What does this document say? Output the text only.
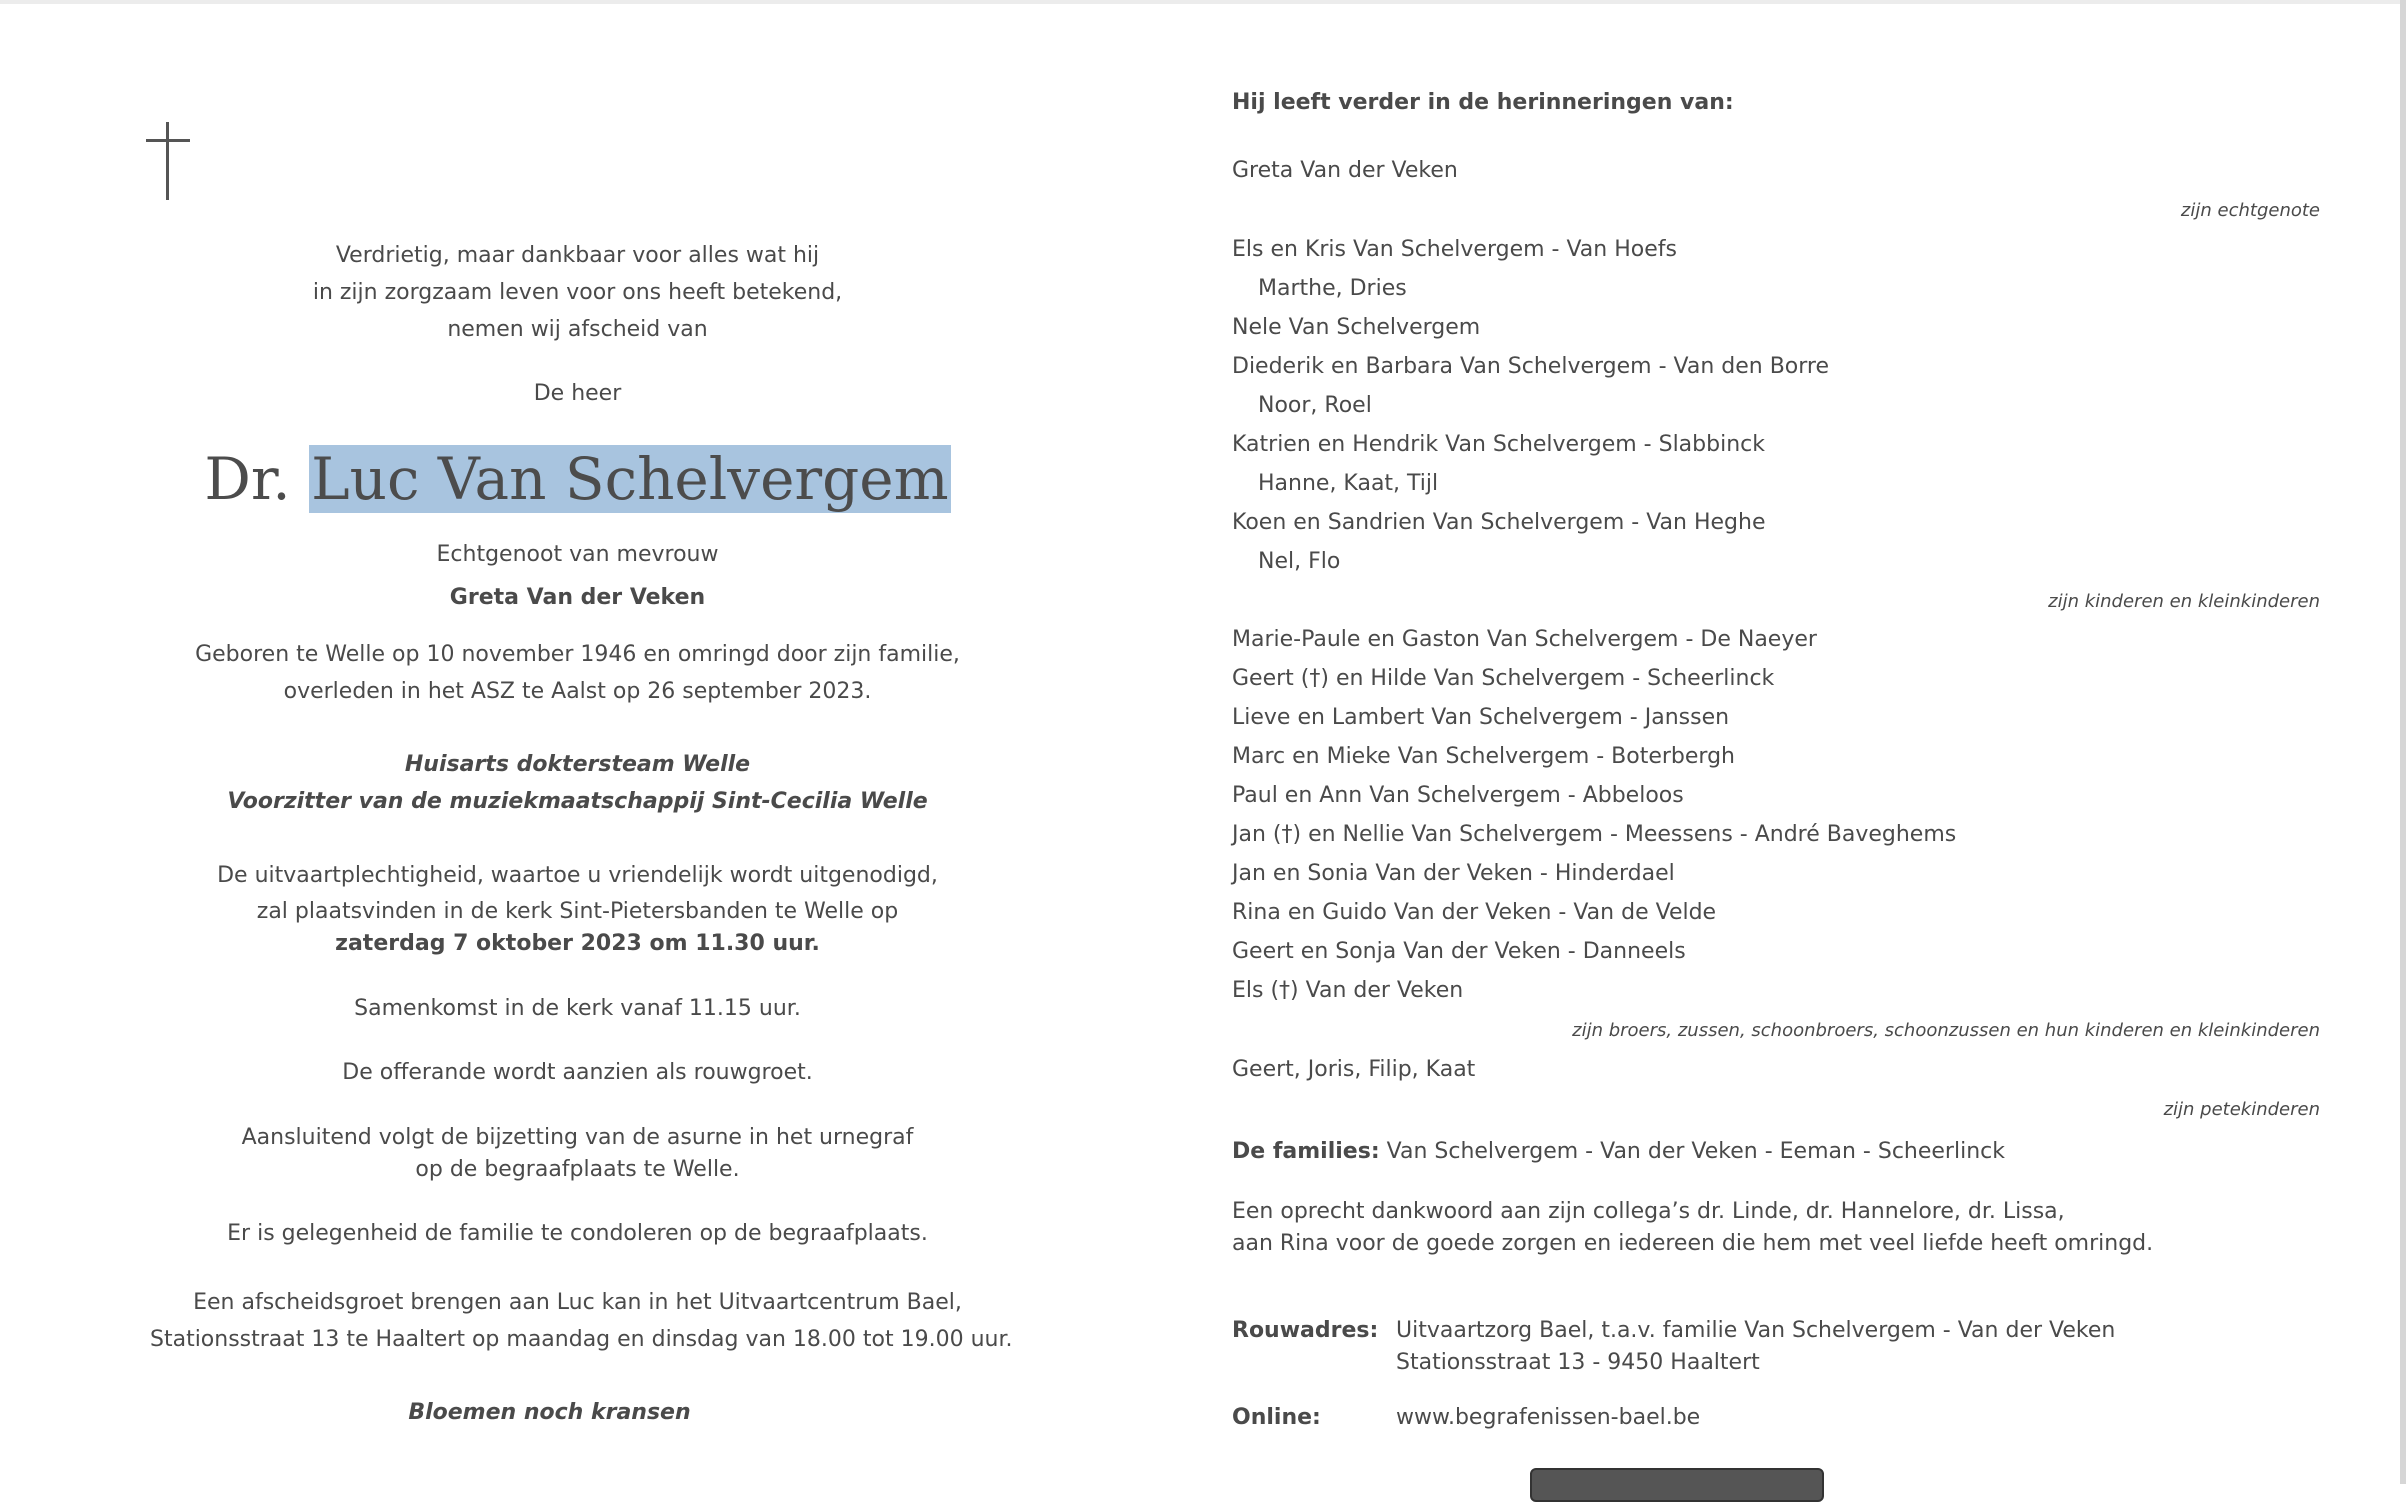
Verdrietig, maar dankbaar voor alles wat hij
in zijn zorgzaam leven voor ons heeft betekend,
nemen wij afscheid van
De heer
Dr. Luc Van Schelvergem
Echtgenoot van mevrouw
Greta Van der Veken
Geboren te Welle op 10 november 1946 en omringd door zijn familie,
overleden in het ASZ te Aalst op 26 september 2023.
Huisarts doktersteam Welle
Voorzitter van de muziekmaatschappij Sint-Cecilia Welle
De uitvaartplechtigheid, waartoe u vriendelijk wordt uitgenodigd,
zal plaatsvinden in de kerk Sint-Pietersbanden te Welle op
zaterdag 7 oktober 2023 om 11.30 uur.
Samenkomst in de kerk vanaf 11.15 uur.
De offerande wordt aanzien als rouwgroet.
Aansluitend volgt de bijzetting van de asurne in het urnegraf
op de begraafplaats te Welle.
Er is gelegenheid de familie te condoleren op de begraafplaats.
Een afscheidsgroet brengen aan Luc kan in het Uitvaartcentrum Bael,
Stationsstraat 13 te Haaltert op maandag en dinsdag van 18.00 tot 19.00 uur.
Bloemen noch kransen
Hij leeft verder in de herinneringen van:
Greta Van der Veken
zijn echtgenote
Els en Kris Van Schelvergem - Van Hoefs
Marthe, Dries
Nele Van Schelvergem
Diederik en Barbara Van Schelvergem - Van den Borre
Noor, Roel
Katrien en Hendrik Van Schelvergem - Slabbinck
Hanne, Kaat, Tijl
Koen en Sandrien Van Schelvergem - Van Heghe
Nel, Flo
zijn kinderen en kleinkinderen
Marie-Paule en Gaston Van Schelvergem - De Naeyer
Geert (†) en Hilde Van Schelvergem - Scheerlinck
Lieve en Lambert Van Schelvergem - Janssen
Marc en Mieke Van Schelvergem - Boterbergh
Paul en Ann Van Schelvergem - Abbeloos
Jan (†) en Nellie Van Schelvergem - Meessens - André Baveghems
Jan en Sonia Van der Veken - Hinderdael
Rina en Guido Van der Veken - Van de Velde
Geert en Sonja Van der Veken - Danneels
Els (†) Van der Veken
zijn broers, zussen, schoonbroers, schoonzussen en hun kinderen en kleinkinderen
Geert, Joris, Filip, Kaat
zijn petekinderen
De families: Van Schelvergem - Van der Veken - Eeman - Scheerlinck
Een oprecht dankwoord aan zijn collega’s dr. Linde, dr. Hannelore, dr. Lissa,
aan Rina voor de goede zorgen en iedereen die hem met veel liefde heeft omringd.
Rouwadres: Uitvaartzorg Bael, t.a.v. familie Van Schelvergem - Van der Veken
Stationsstraat 13 - 9450 Haaltert
Online:	www.begrafenissen-bael.be
